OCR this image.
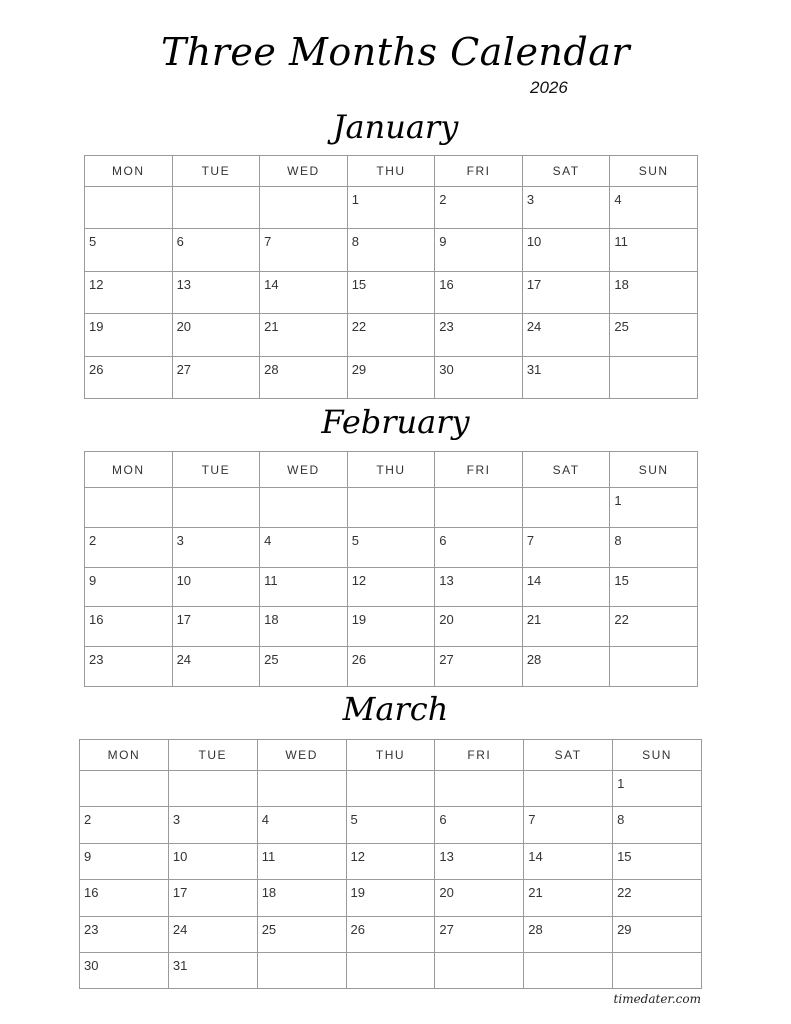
Three Months Calendar
2026
January
MON	TUE	WED	THU	FRI	SAT	SUN

			1	2	3	4

5	6	7	8	9	10	11

12	13	14	15	16	17	18

19	20	21	22	23	24	25

26	27	28	29	30	31	

February
MON	TUE	WED	THU	FRI	SAT	SUN

						1

2	3	4	5	6	7	8

9	10	11	12	13	14	15

16	17	18	19	20	21	22

23	24	25	26	27	28	

March
MON	TUE	WED	THU	FRI	SAT	SUN

						1

2	3	4	5	6	7	8

9	10	11	12	13	14	15

16	17	18	19	20	21	22

23	24	25	26	27	28	29

30	31					

timedater.com
